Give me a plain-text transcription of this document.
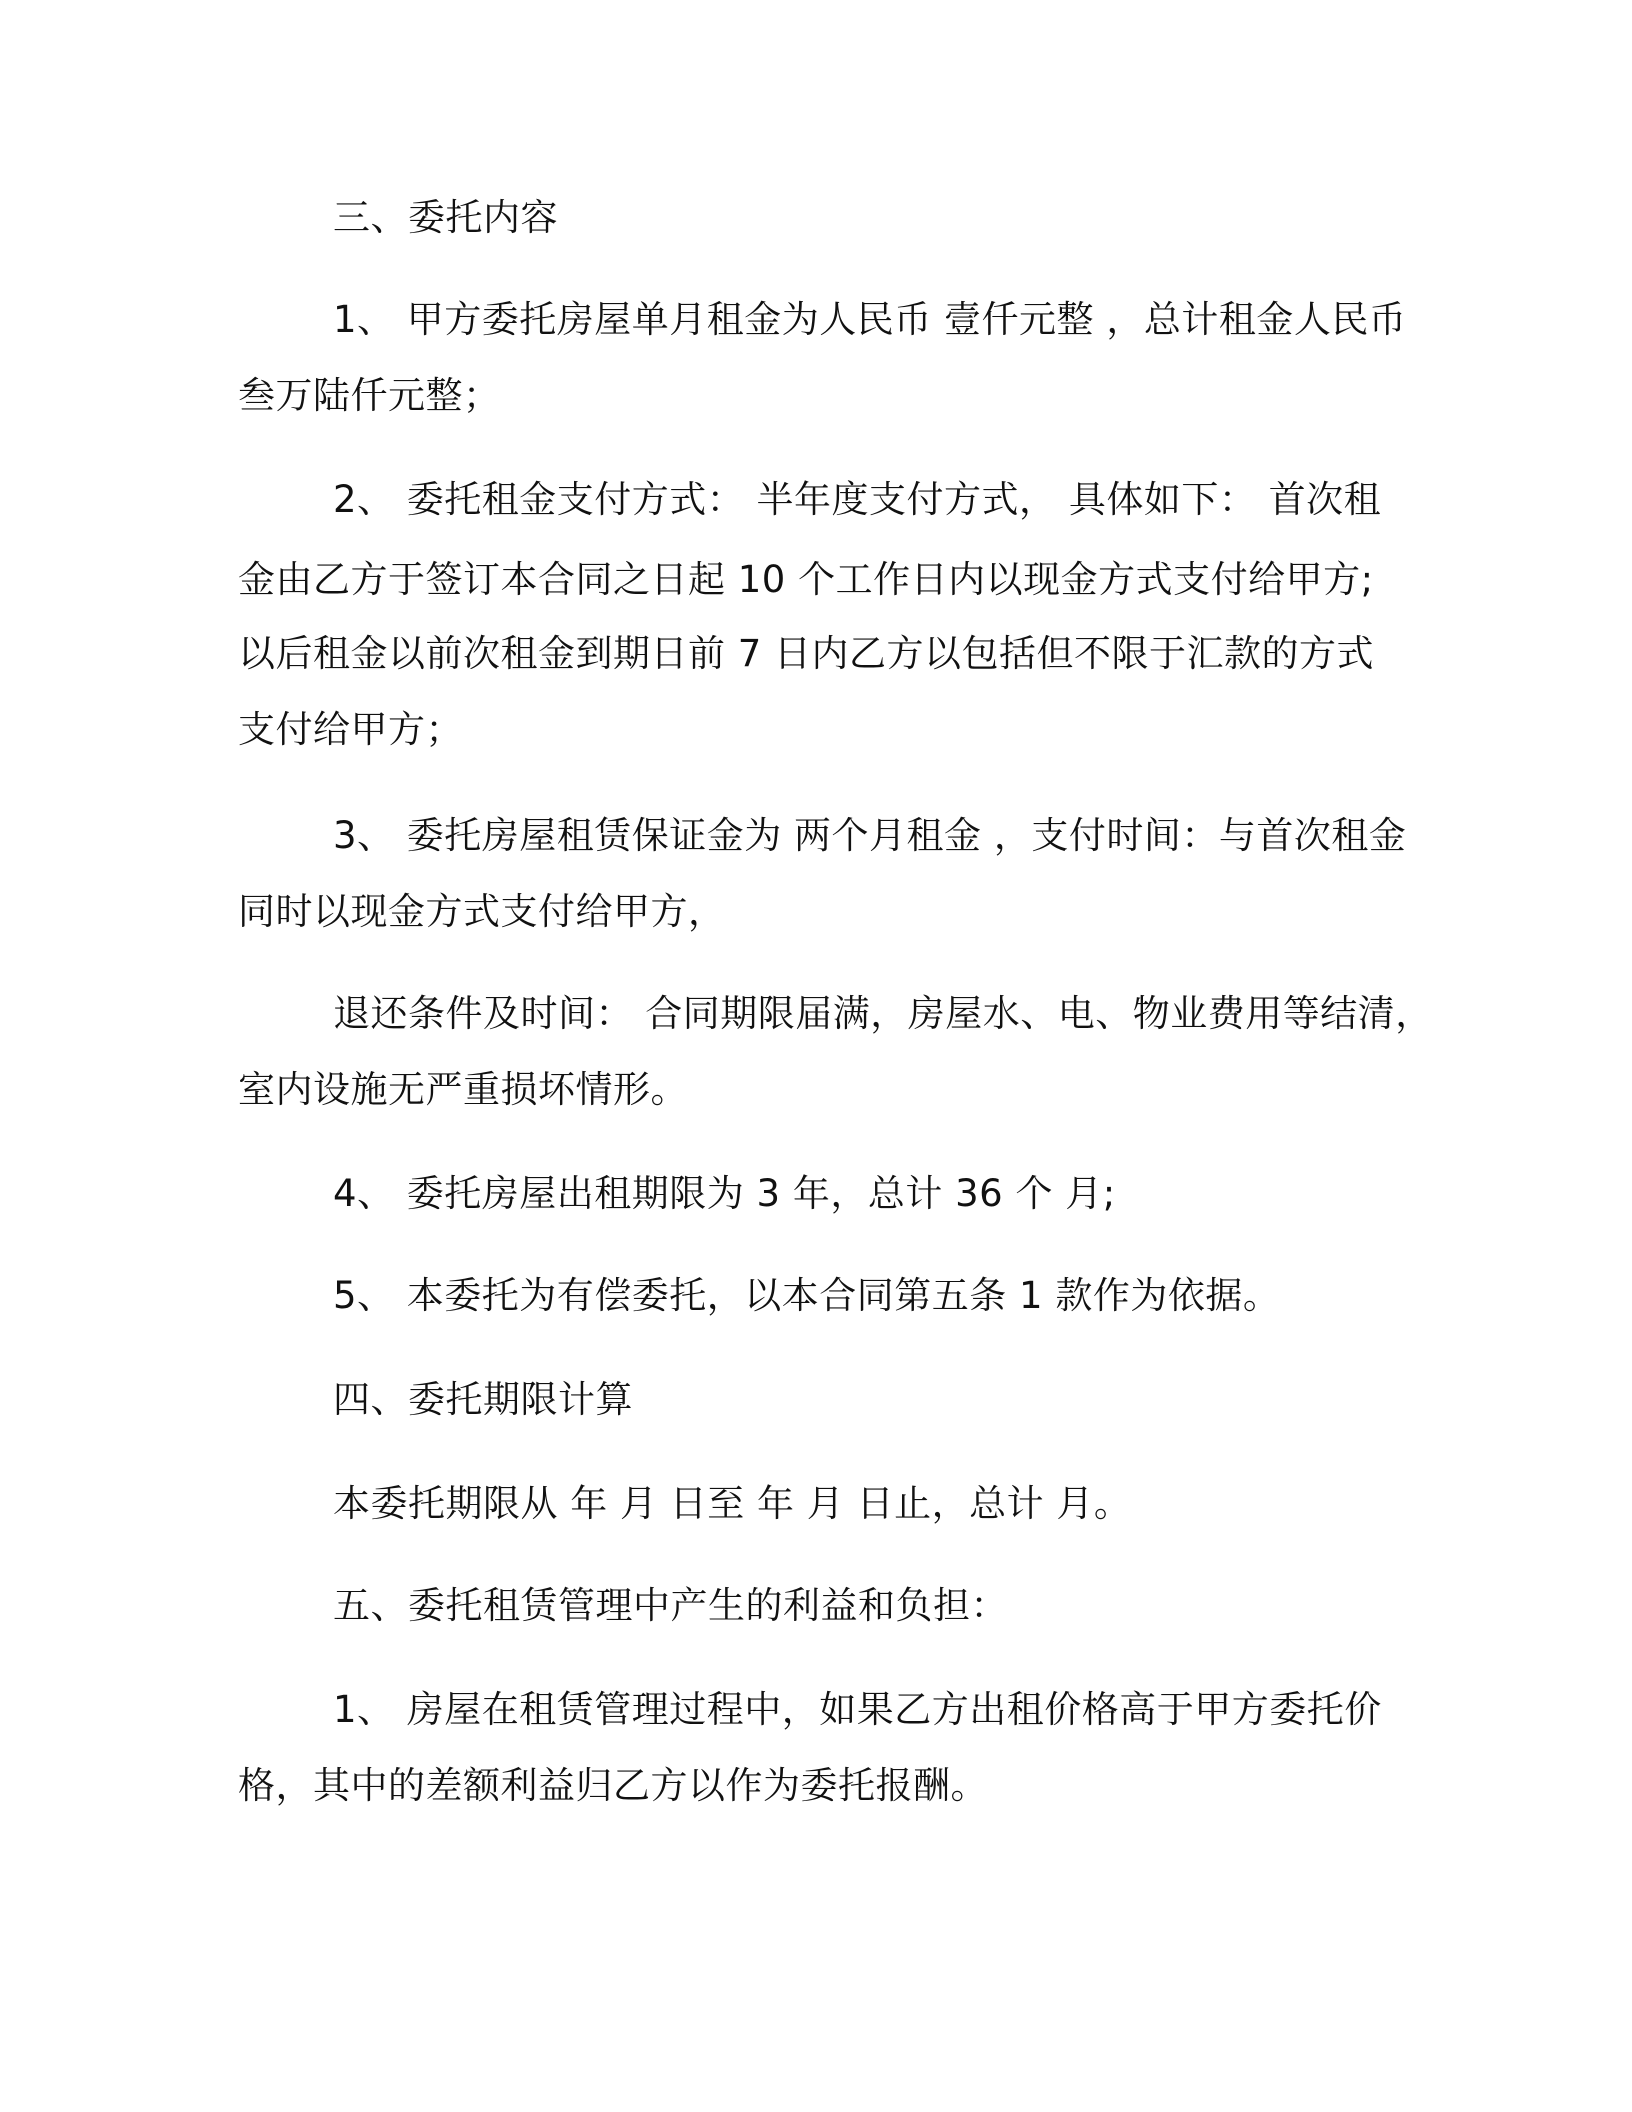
三、委托内容
1、 甲方委托房屋单月租金为人民币 壹仟元整 ，总计租金人民币
叁万陆仟元整；
2、 委托租金支付方式： 半年度支付方式， 具体如下： 首次租
金由乙方于签订本合同之日起 10 个工作日内以现金方式支付给甲方;
以后租金以前次租金到期日前 7 日内乙方以包括但不限于汇款的方式
支付给甲方；
3、 委托房屋租赁保证金为 两个月租金 ，支付时间：与首次租金
同时以现金方式支付给甲方，
退还条件及时间： 合同期限届满，房屋水、电、物业费用等结清，
室内设施无严重损坏情形。
4、 委托房屋出租期限为 3 年，总计 36 个 月;
5、 本委托为有偿委托，以本合同第五条 1 款作为依据。
四、委托期限计算
本委托期限从 年 月 日至 年 月 日止，总计 月。
五、委托租赁管理中产生的利益和负担：
1、 房屋在租赁管理过程中，如果乙方出租价格高于甲方委托价
格，其中的差额利益归乙方以作为委托报酬。
